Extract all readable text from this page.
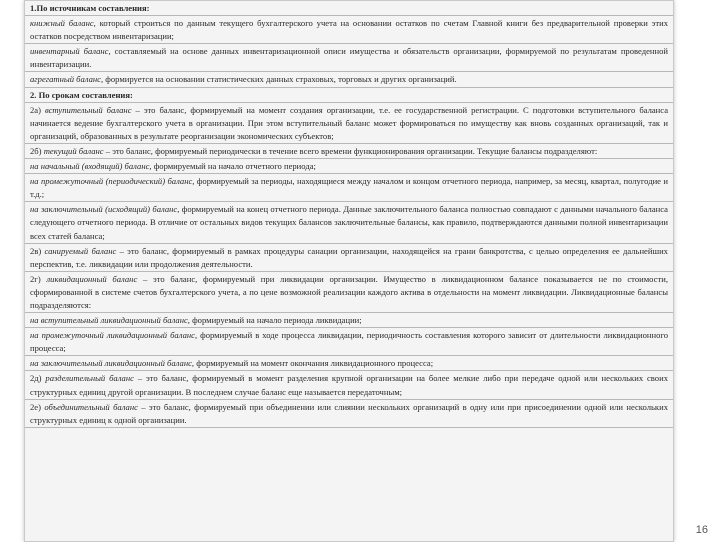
1.По источникам составления:
книжный баланс, который строиться по данным текущего бухгалтерского учета на основании остатков по счетам Главной книги без предварительной проверки этих остатков посредством инвентаризации;
инвентарный баланс, составляемый на основе данных инвентаризационной описи имущества и обязательств организации, формируемой по результатам проведенной инвентаризации.
агрегатный баланс, формируется на основании статистических данных страховых, торговых и других организаций.
2. По срокам составления:
2а) вступительный баланс – это баланс, формируемый на момент создания организации, т.е. ее государственной регистрации. С подготовки вступительного баланса начинается ведение бухгалтерского учета в организации. При этом вступительный баланс может формироваться по имуществу как вновь созданных организаций, так и организаций, образованных в результате реорганизации экономических субъектов;
2б) текущий баланс – это баланс, формируемый периодически в течение всего времени функционирования организации. Текущие балансы подразделяют:
на начальный (входящий) баланс, формируемый на начало отчетного периода;
на промежуточный (периодический) баланс, формируемый за периоды, находящиеся между началом и концом отчетного периода, например, за месяц, квартал, полугодие и т.д.;
на заключительный (исходящий) баланс, формируемый на конец отчетного периода. Данные заключительного баланса полностью совпадают с данными начального баланса следующего отчетного периода. В отличие от остальных видов текущих балансов заключительные балансы, как правило, подтверждаются данными полной инвентаризации всех статей баланса;
2в) санируемый баланс – это баланс, формируемый в рамках процедуры санации организации, находящейся на грани банкротства, с целью определения ее дальнейших перспектив, т.е. ликвидации или продолжения деятельности.
2г) ликвидационный баланс – это баланс, формируемый при ликвидации организации. Имущество в ликвидационном балансе показывается не по стоимости, сформированной в системе счетов бухгалтерского учета, а по цене возможной реализации каждого актива в отдельности на момент ликвидации. Ликвидационные балансы подразделяются:
на вступительный ликвидационный баланс, формируемый на начало периода ликвидации;
на промежуточный ликвидационный баланс, формируемый в ходе процесса ликвидации, периодичность составления которого зависит от длительности ликвидационного процесса;
на заключительный ликвидационный баланс, формируемый на момент окончания ликвидационного процесса;
2д) разделительный баланс – это баланс, формируемый в момент разделения крупной организации на более мелкие либо при передаче одной или нескольких своих структурных единиц другой организации. В последнем случае баланс еще называется передаточным;
2е) объединительный баланс – это баланс, формируемый при объединении или слиянии нескольких организаций в одну или при присоединении одной или нескольких структурных единиц к одной организации.
16
